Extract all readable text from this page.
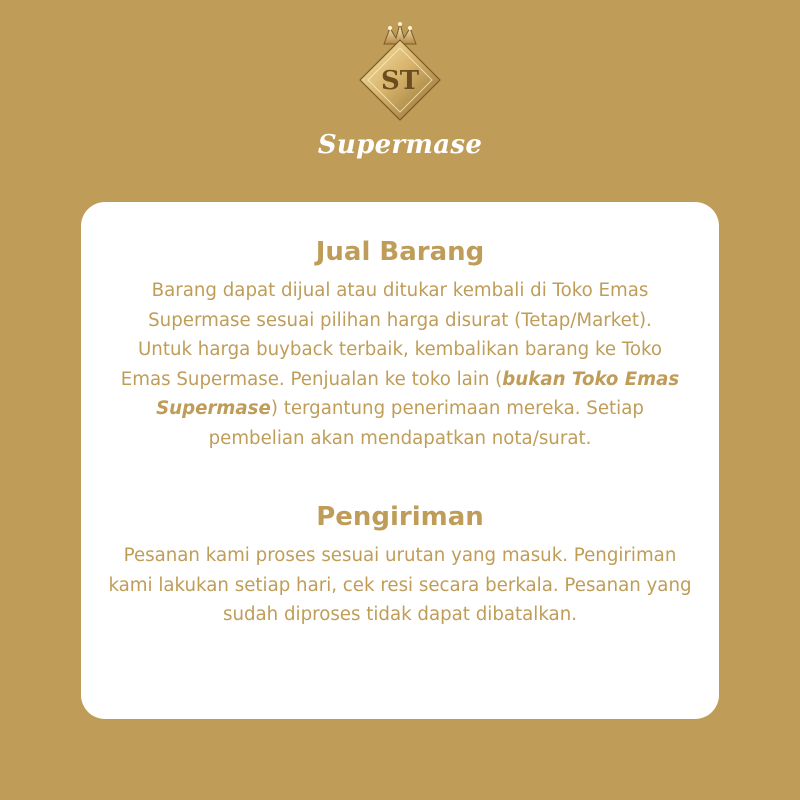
ST
Supermase
Jual Barang

Barang dapat dijual atau ditukar kembali di Toko Emas Supermase sesuai pilihan harga disurat (Tetap/Market). Untuk harga buyback terbaik, kembalikan barang ke Toko Emas Supermase. Penjualan ke toko lain (bukan Toko Emas Supermase) tergantung penerimaan mereka. Setiap pembelian akan mendapatkan nota/surat.

Pengiriman

Pesanan kami proses sesuai urutan yang masuk. Pengiriman kami lakukan setiap hari, cek resi secara berkala. Pesanan yang sudah diproses tidak dapat dibatalkan.
